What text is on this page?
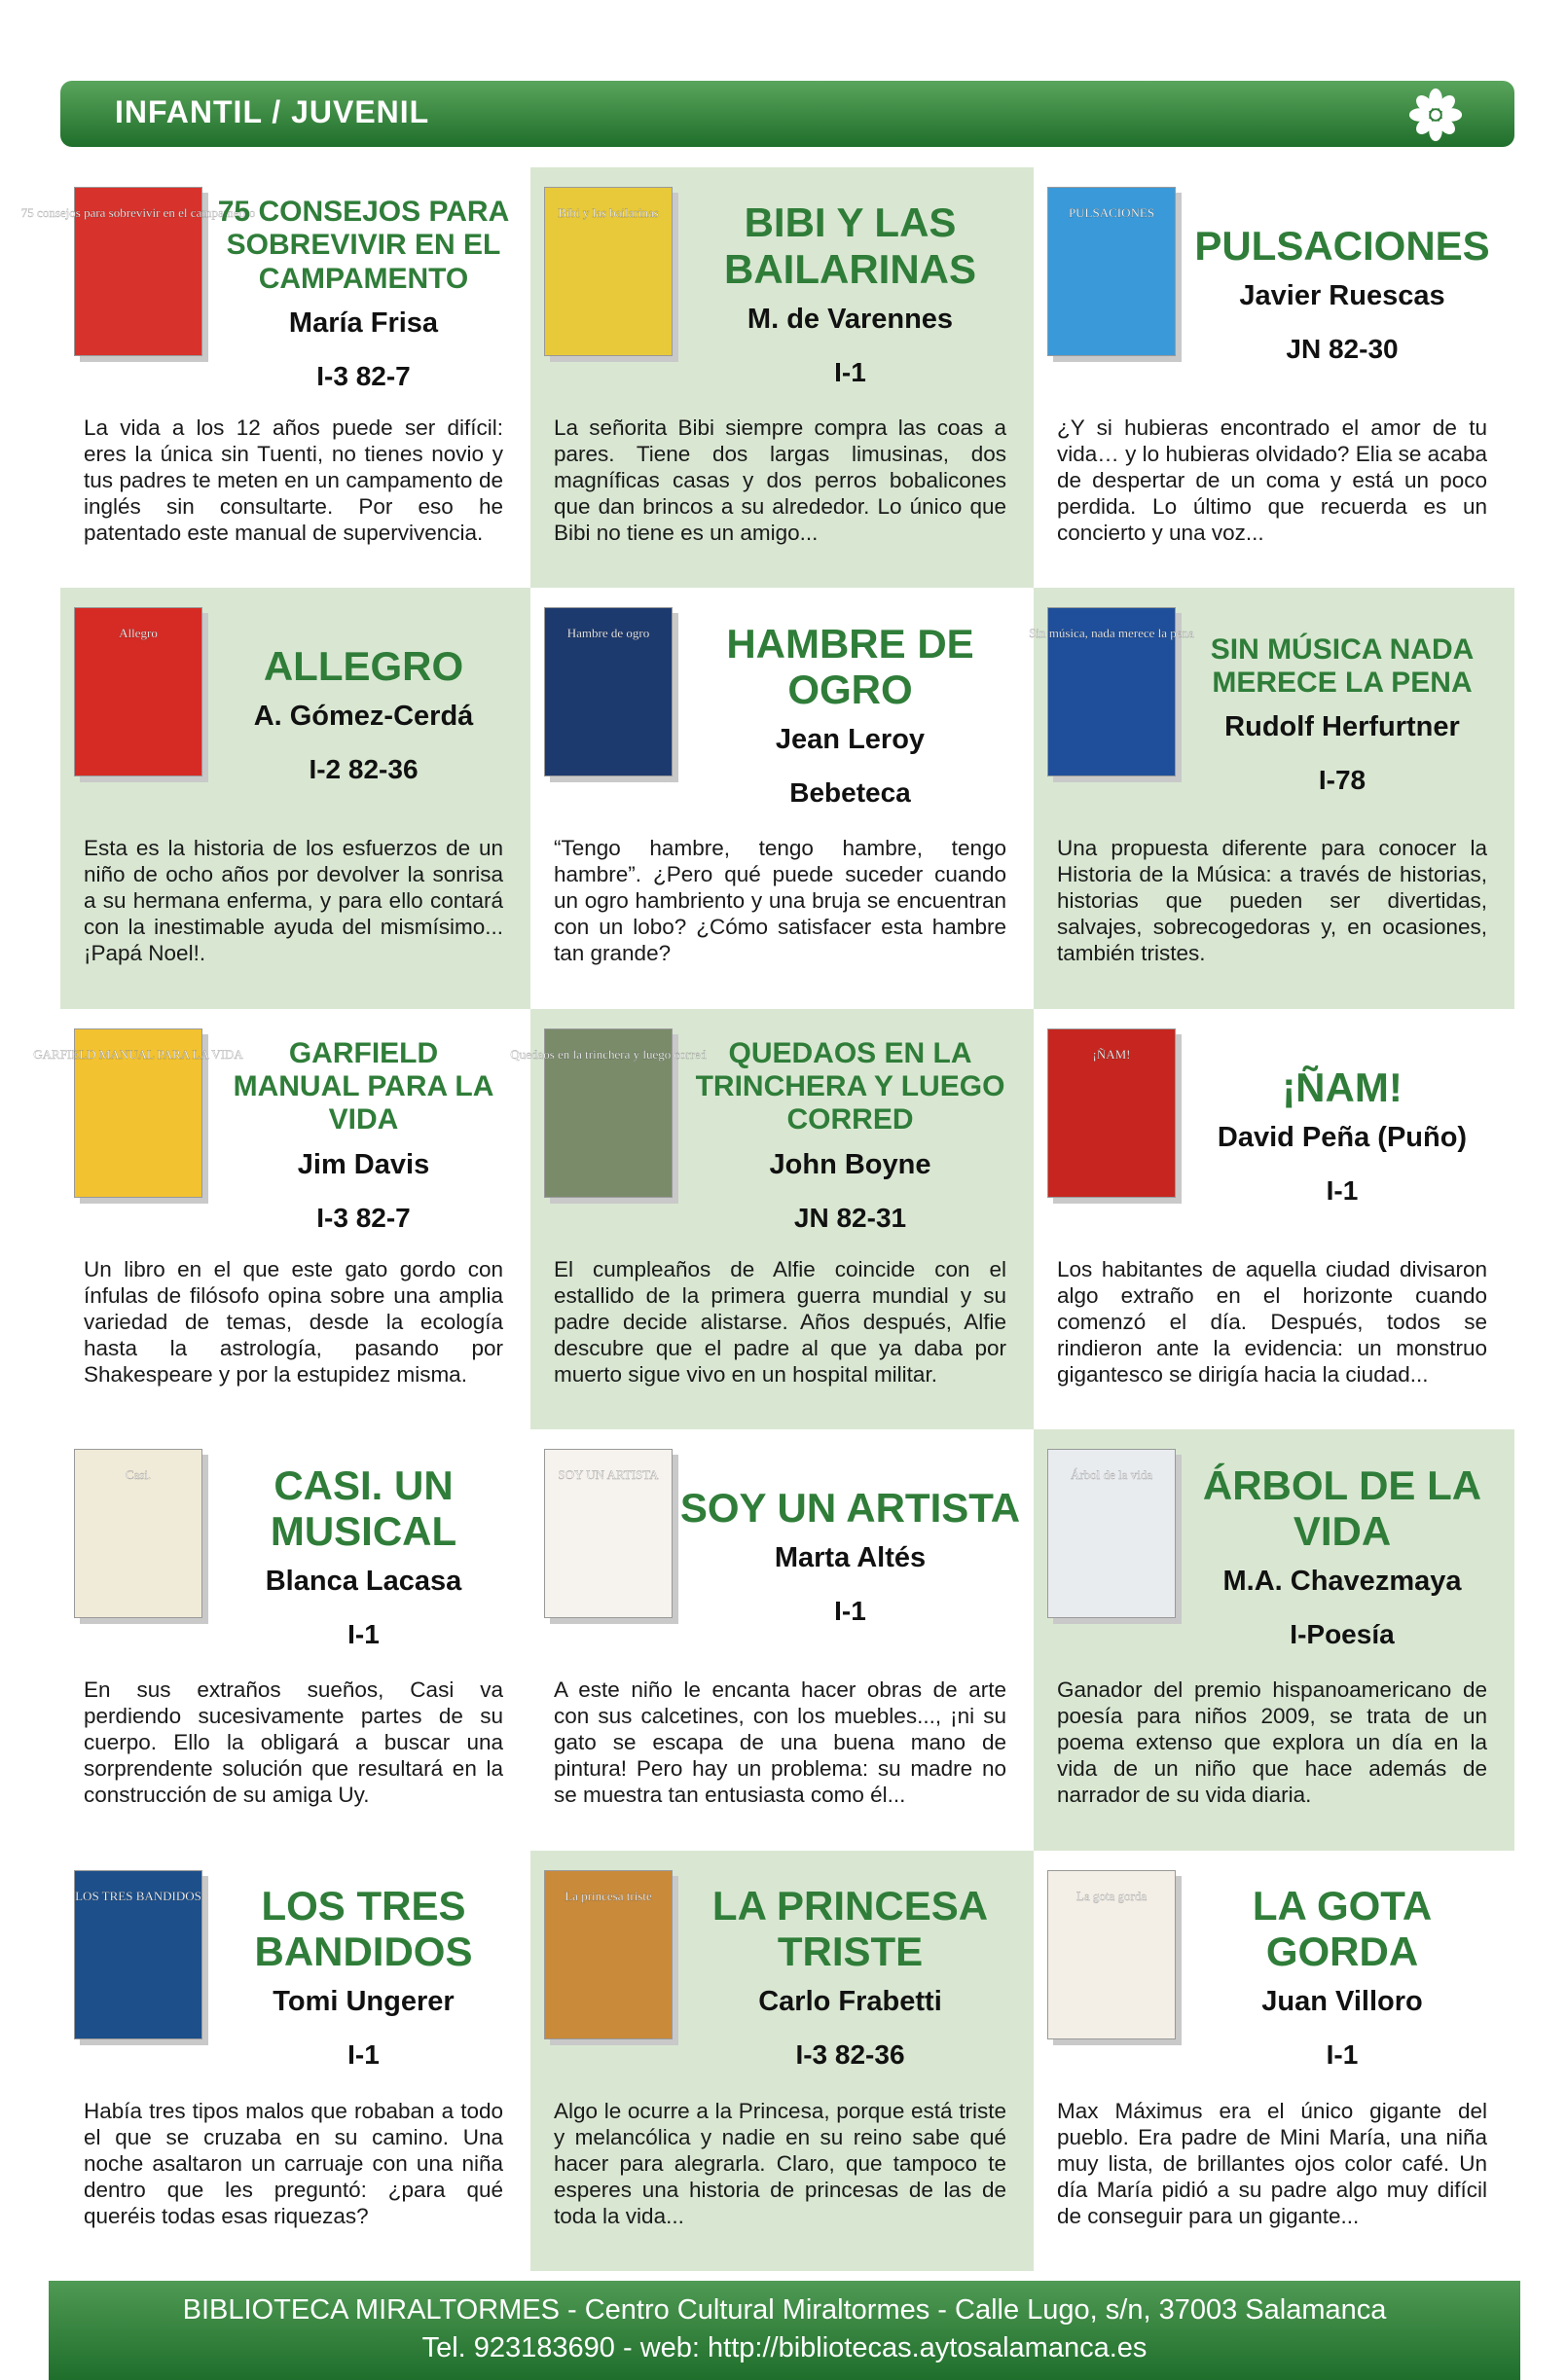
INFANTIL / JUVENIL
75 consejos para sobrevivir en el campamento
75 CONSEJOS PARA SOBREVIVIR EN EL CAMPAMENTO
María Frisa
I-3 82-7
La vida a los 12 años puede ser difícil: eres la única sin Tuenti, no tienes novio y tus padres te meten en un campamento de inglés sin consultarte. Por eso he patentado este manual de supervivencia.
Bibi y las bailarinas	BIBI Y LAS BAILARINAS
M. de Varennes
I-1
La señorita Bibi siempre compra las coas a pares. Tiene dos largas limusinas, dos magníficas casas y dos perros bobalicones que dan brincos a su alrededor. Lo único que Bibi no tiene es un amigo...
PULSACIONES
PULSACIONES
Javier Ruescas
JN 82-30
¿Y si hubieras encontrado el amor de tu vida… y lo hubieras olvidado? Elia se acaba de despertar de un coma y está un poco perdida. Lo último que recuerda es un concierto y una voz...
Allegro
ALLEGRO
A. Gómez-Cerdá
I-2 82-36
Esta es la historia de los esfuerzos de un niño de ocho años por devolver la sonrisa a su hermana enferma, y para ello contará con la inestimable ayuda del mismísimo... ¡Papá Noel!.
Hambre de ogro	HAMBRE DE OGRO
Jean Leroy
Bebeteca
“Tengo hambre, tengo hambre, tengo hambre”. ¿Pero qué puede suceder cuando un ogro hambriento y una bruja se encuentran con un lobo? ¿Cómo satisfacer esta hambre tan grande?
Sin música, nada merece la pena SIN MÚSICA NADA MERECE LA PENA
Rudolf Herfurtner
I-78
Una propuesta diferente para conocer la Historia de la Música: a través de historias, historias que pueden ser divertidas, salvajes, sobrecogedoras y, en ocasiones, también tristes.
GARFIELD MANUAL PARA LA VIDA GARFIELD
MANUAL PARA LA VIDA
Jim Davis
I-3 82-7
Un libro en el que este gato gordo con ínfulas de filósofo opina sobre una amplia variedad de temas, desde la ecología hasta la astrología, pasando por Shakespeare y por la estupidez misma.
Quedaos en la trinchera y luego corred QUEDAOS EN LA TRINCHERA Y LUEGO CORRED
John Boyne
JN 82-31
El cumpleaños de Alfie coincide con el estallido de la primera guerra mundial y su padre decide alistarse. Años después, Alfie descubre que el padre al que ya daba por muerto sigue vivo en un hospital militar.
¡ÑAM!
¡ÑAM!
David Peña (Puño)
I-1
Los habitantes de aquella ciudad divisaron algo extraño en el horizonte cuando comenzó el día. Después, todos se rindieron ante la evidencia: un monstruo gigantesco se dirigía hacia la ciudad...
Casi.	CASI. UN MUSICAL
Blanca Lacasa
I-1
En sus extraños sueños, Casi va perdiendo sucesivamente partes de su cuerpo. Ello la obligará a buscar una sorprendente solución que resultará en la construcción de su amiga Uy.
SOY UN ARTISTA
SOY UN ARTISTA
Marta Altés
I-1
A este niño le encanta hacer obras de arte con sus calcetines, con los muebles..., ¡ni su gato se escapa de una buena mano de pintura! Pero hay un problema: su madre no se muestra tan entusiasta como él...
Árbol de la vida	ÁRBOL DE LA VIDA
M.A. Chavezmaya
I-Poesía
Ganador del premio hispanoamericano de poesía para niños 2009, se trata de un poema extenso que explora un día en la vida de un niño que hace además de narrador de su vida diaria.
LOS TRES BANDIDOS	LOS TRES BANDIDOS
Tomi Ungerer
I-1
Había tres tipos malos que robaban a todo el que se cruzaba en su camino. Una noche asaltaron un carruaje con una niña dentro que les preguntó: ¿para qué queréis todas esas riquezas?
La princesa triste	LA PRINCESA TRISTE
Carlo Frabetti
I-3 82-36
Algo le ocurre a la Princesa, porque está triste y melancólica y nadie en su reino sabe qué hacer para alegrarla. Claro, que tampoco te esperes una historia de princesas de las de toda la vida...
La gota gorda	LA GOTA GORDA
Juan Villoro
I-1
Max Máximus era el único gigante del pueblo. Era padre de Mini María, una niña muy lista, de brillantes ojos color café. Un día María pidió a su padre algo muy difícil de conseguir para un gigante...
BIBLIOTECA MIRALTORMES - Centro Cultural Miraltormes - Calle Lugo, s/n, 37003 Salamanca
Tel. 923183690 - web: http://bibliotecas.aytosalamanca.es
